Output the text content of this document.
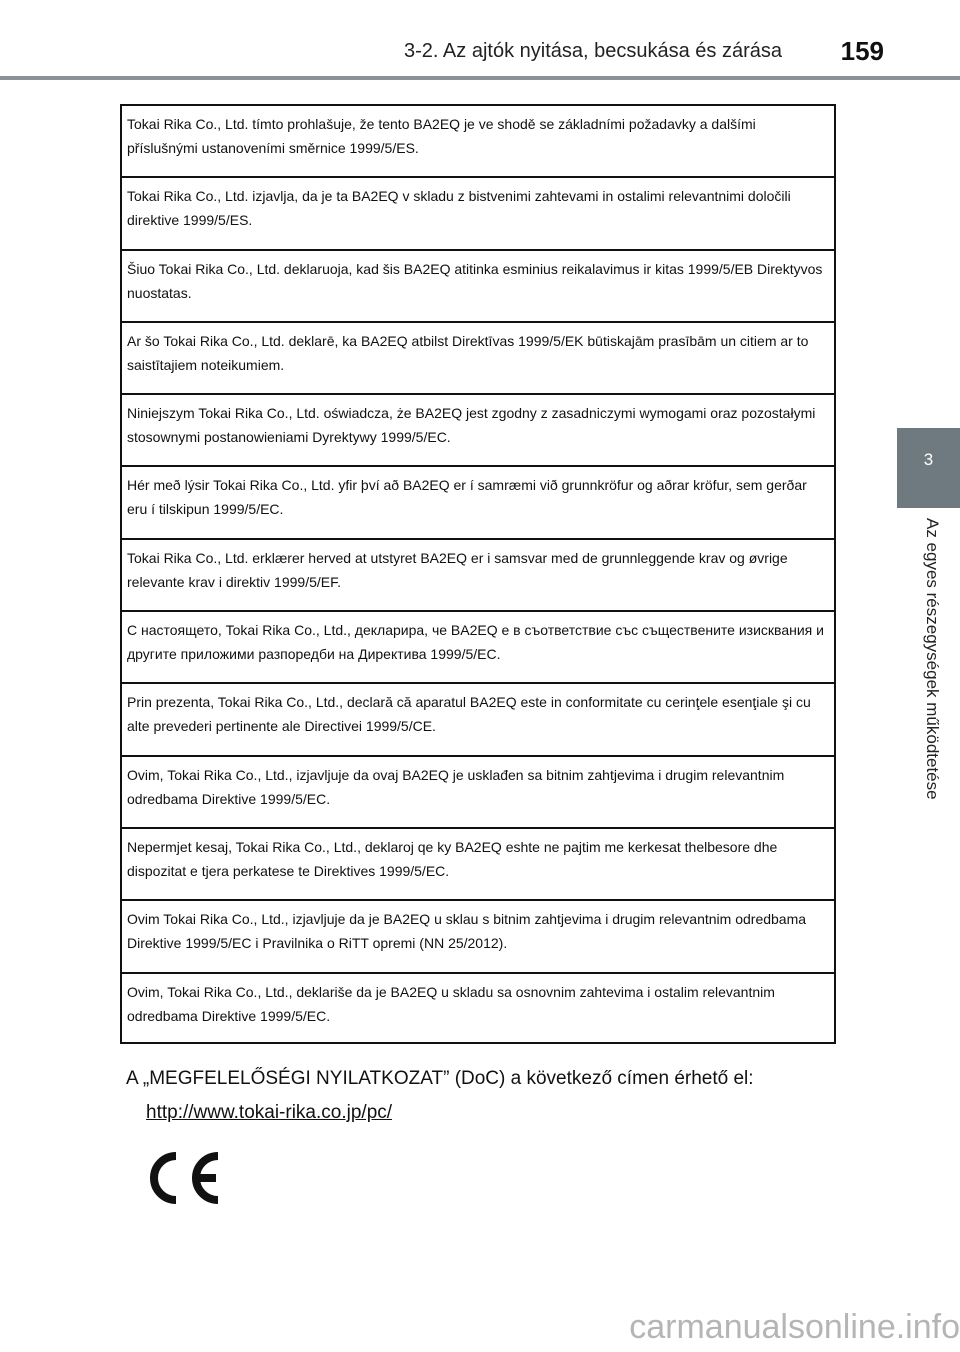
3-2. Az ajtók nyitása, becsukása és zárása 159
3
Az egyes részegységek működtetése
Tokai Rika Co., Ltd. tímto prohlašuje, že tento BA2EQ je ve shodě se základními požadavky a dalšími příslušnými ustanoveními směrnice 1999/5/ES.
Tokai Rika Co., Ltd. izjavlja, da je ta BA2EQ v skladu z bistvenimi zahtevami in ostalimi relevantnimi določili direktive 1999/5/ES.
Šiuo Tokai Rika Co., Ltd. deklaruoja, kad šis BA2EQ atitinka esminius reikalavimus ir kitas 1999/5/EB Direktyvos nuostatas.
Ar šo Tokai Rika Co., Ltd. deklarē, ka BA2EQ atbilst Direktīvas 1999/5/EK būtiskajām prasībām un citiem ar to saistītajiem noteikumiem.
Niniejszym Tokai Rika Co., Ltd. oświadcza, że BA2EQ jest zgodny z zasadniczymi wymogami oraz pozostałymi stosownymi postanowieniami Dyrektywy 1999/5/EC.
Hér með lýsir Tokai Rika Co., Ltd. yfir því að BA2EQ er í samræmi við grunnkröfur og aðrar kröfur, sem gerðar eru í tilskipun 1999/5/EC.
Tokai Rika Co., Ltd. erklærer herved at utstyret BA2EQ er i samsvar med de grunnleggende krav og øvrige relevante krav i direktiv 1999/5/EF.
С настоящето, Tokai Rika Co., Ltd., декларира, че BA2EQ е в съответствие със съществените изисквания и другите приложими разпоредби на Директива 1999/5/EC.
Prin prezenta, Tokai Rika Co., Ltd., declară că aparatul BA2EQ este in conformitate cu cerinţele esenţiale şi cu alte prevederi pertinente ale Directivei 1999/5/CE.
Ovim, Tokai Rika Co., Ltd., izjavljuje da ovaj BA2EQ je usklađen sa bitnim zahtjevima i drugim relevantnim odredbama Direktive 1999/5/EC.
Nepermjet kesaj, Tokai Rika Co., Ltd., deklaroj qe ky BA2EQ eshte ne pajtim me kerkesat thelbesore dhe dispozitat e tjera perkatese te Direktives 1999/5/EC.
Ovim Tokai Rika Co., Ltd., izjavljuje da je BA2EQ u sklau s bitnim zahtjevima i drugim relevantnim odredbama Direktive 1999/5/EC i Pravilnika o RiTT opremi (NN 25/2012).
Ovim, Tokai Rika Co., Ltd., deklariše da je BA2EQ u skladu sa osnovnim zahtevima i ostalim relevantnim odredbama Direktive 1999/5/EC.
A „MEGFELELŐSÉGI NYILATKOZAT” (DoC) a következő címen érhető el:
http://www.tokai-rika.co.jp/pc/
carmanualsonline.info
